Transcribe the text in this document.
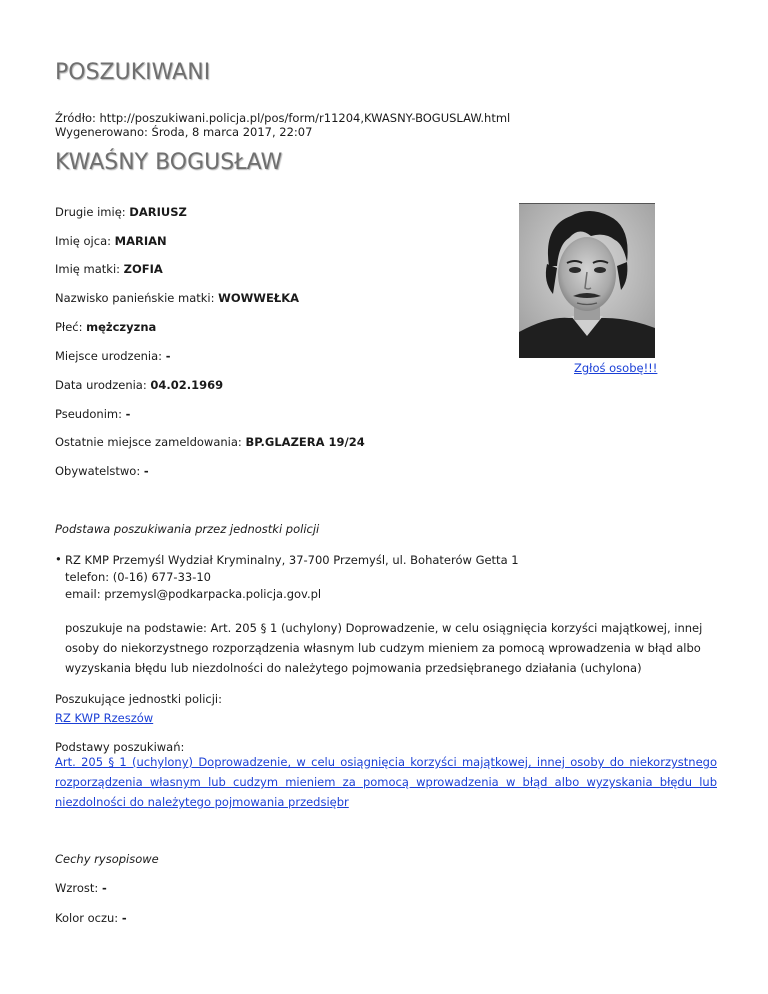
POSZUKIWANI
Źródło: http://poszukiwani.policja.pl/pos/form/r11204,KWASNY-BOGUSLAW.html
Wygenerowano: Środa, 8 marca 2017, 22:07
KWAŚNY BOGUSŁAW
Drugie imię: DARIUSZ
Imię ojca: MARIAN
Imię matki: ZOFIA
Nazwisko panieńskie matki: WOWWEŁKA
Płeć: mężczyzna
Miejsce urodzenia: -
Data urodzenia: 04.02.1969
Pseudonim: -
Ostatnie miejsce zameldowania: BP.GLAZERA 19/24
Obywatelstwo: -
Zgłoś osobę!!!
Podstawa poszukiwania przez jednostki policji
• RZ KMP Przemyśl Wydział Kryminalny, 37-700 Przemyśl, ul. Bohaterów Getta 1
telefon: (0-16) 677-33-10
email: przemysl@podkarpacka.policja.gov.pl
poszukuje na podstawie: Art. 205 § 1 (uchylony) Doprowadzenie, w celu osiągnięcia korzyści majątkowej, innej osoby do niekorzystnego rozporządzenia własnym lub cudzym mieniem za pomocą wprowadzenia w błąd albo wyzyskania błędu lub niezdolności do należytego pojmowania przedsiębranego działania (uchylona)
Poszukujące jednostki policji:
RZ KWP Rzeszów
Podstawy poszukiwań:
Art. 205 § 1 (uchylony) Doprowadzenie, w celu osiągnięcia korzyści majątkowej, innej osoby do niekorzystnego rozporządzenia własnym lub cudzym mieniem za pomocą wprowadzenia w błąd albo wyzyskania błędu lub niezdolności do należytego pojmowania przedsiębr
Cechy rysopisowe
Wzrost: -
Kolor oczu: -
